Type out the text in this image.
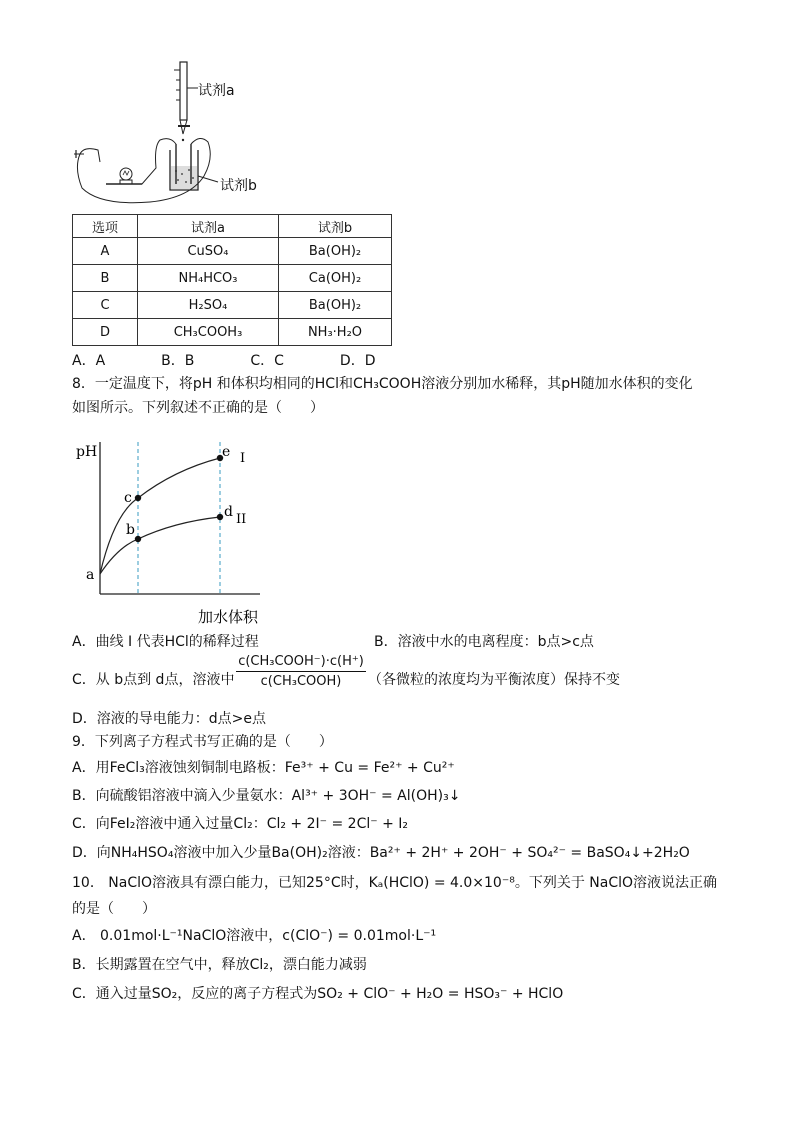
试剂a
试剂b
选项	试剂a	试剂b
A	CuSO₄	Ba(OH)₂
B	NH₄HCO₃	Ca(OH)₂
C	H₂SO₄	Ba(OH)₂
D	CH₃COOH₃	NH₃·H₂O
A．A　　　　B．B　　　　C．C　　　　D．D
8．一定温度下，将pH 和体积均相同的HCl和CH₃COOH溶液分别加水稀释，其pH随加水体积的变化
如图所示。下列叙述不正确的是（　　）
pH
a
b
c
d
e I
II
加水体积
A．曲线 I 代表HCl的稀释过程	B．溶液中水的电离程度：b点>c点
C．从 b点到 d点，溶液中
c(CH₃COOH⁻)·c(H⁺)
c(CH₃COOH)	（各微粒的浓度均为平衡浓度）保持不变
D．溶液的导电能力：d点>e点
9．下列离子方程式书写正确的是（　　）
A．用FeCl₃溶液蚀刻铜制电路板：Fe³⁺ + Cu = Fe²⁺ + Cu²⁺
B．向硫酸铝溶液中滴入少量氨水：Al³⁺ + 3OH⁻ = Al(OH)₃↓
C．向FeI₂溶液中通入过量Cl₂：Cl₂ + 2I⁻ = 2Cl⁻ + I₂
D．向NH₄HSO₄溶液中加入少量Ba(OH)₂溶液：Ba²⁺ + 2H⁺ + 2OH⁻ + SO₄²⁻ = BaSO₄↓+2H₂O
10． NaClO溶液具有漂白能力，已知25°C时，Kₐ(HClO) = 4.0×10⁻⁸。下列关于 NaClO溶液说法正确
的是（　　）
A． 0.01mol·L⁻¹NaClO溶液中，c(ClO⁻) = 0.01mol·L⁻¹
B．长期露置在空气中，释放Cl₂，漂白能力减弱
C．通入过量SO₂，反应的离子方程式为SO₂ + ClO⁻ + H₂O = HSO₃⁻ + HClO
